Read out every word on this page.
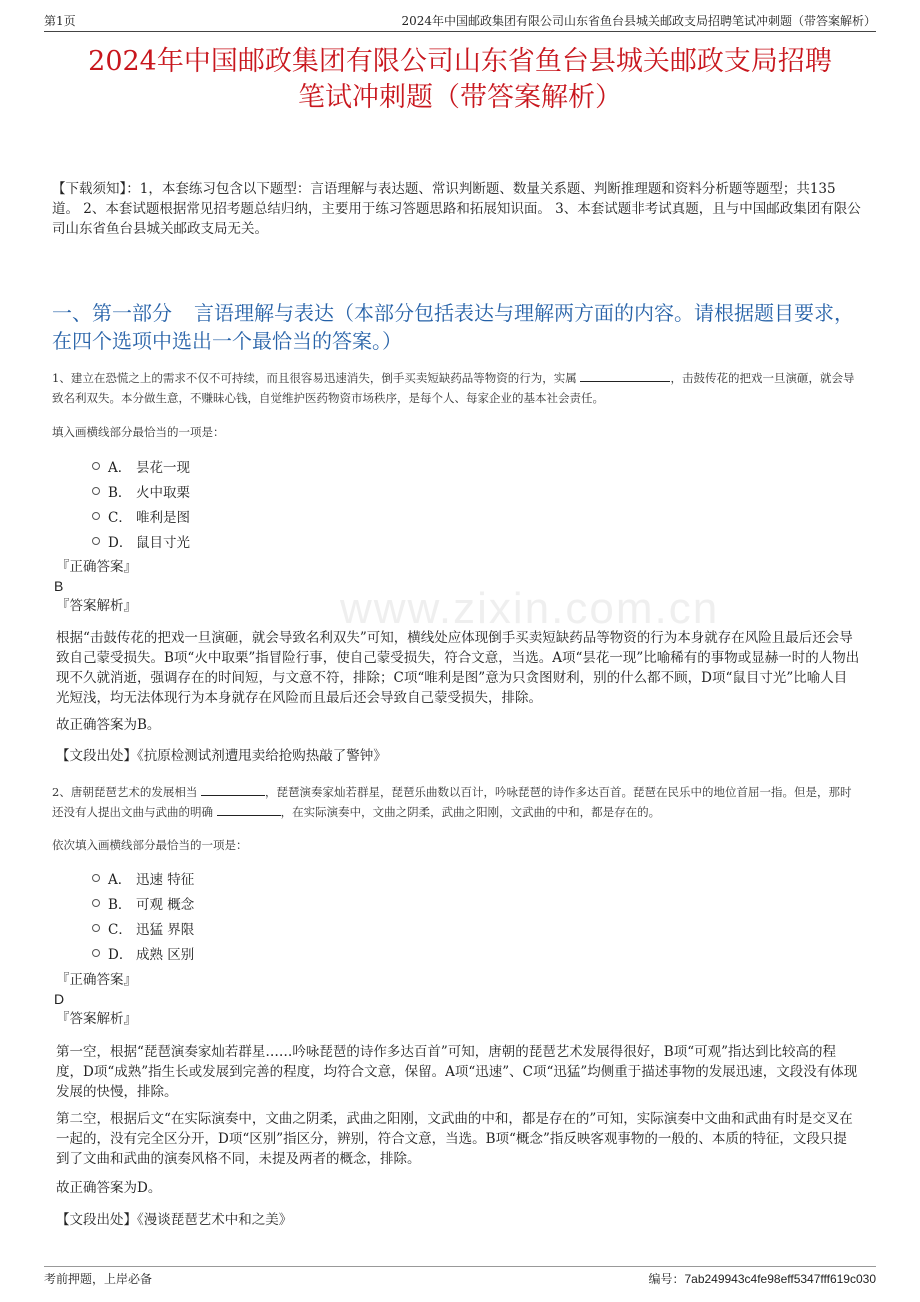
第1页	2024年中国邮政集团有限公司山东省鱼台县城关邮政支局招聘笔试冲刺题（带答案解析）
2024年中国邮政集团有限公司山东省鱼台县城关邮政支局招聘
笔试冲刺题（带答案解析）
【下载须知】：1，本套练习包含以下题型：言语理解与表达题、常识判断题、数量关系题、判断推理题和资料分析题等题型；共135道。 2、本套试题根据常见招考题总结归纳，主要用于练习答题思路和拓展知识面。 3、本套试题非考试真题，且与中国邮政集团有限公司山东省鱼台县城关邮政支局无关。
一、第一部分 言语理解与表达（本部分包括表达与理解两方面的内容。请根据题目要求，在四个选项中选出一个最恰当的答案。）
www.zixin.com.cn
1、建立在恐慌之上的需求不仅不可持续，而且很容易迅速消失，倒手买卖短缺药品等物资的行为，实属	，击鼓传花的把戏一旦演砸，就会导致名利双失。本分做生意，不赚昧心钱，自觉维护医药物资市场秩序，是每个人、每家企业的基本社会责任。
填入画横线部分最恰当的一项是：
A． 昙花一现
B． 火中取栗
C． 唯利是图
D． 鼠目寸光
『正确答案』
B
『答案解析』
根据“击鼓传花的把戏一旦演砸，就会导致名利双失”可知，横线处应体现倒手买卖短缺药品等物资的行为本身就存在风险且最后还会导致自己蒙受损失。B项“火中取栗”指冒险行事，使自己蒙受损失，符合文意，当选。A项“昙花一现”比喻稀有的事物或显赫一时的人物出现不久就消逝，强调存在的时间短，与文意不符，排除；C项“唯利是图”意为只贪图财利，别的什么都不顾，D项“鼠目寸光”比喻人目光短浅，均无法体现行为本身就存在风险而且最后还会导致自己蒙受损失，排除。
故正确答案为B。
【文段出处】《抗原检测试剂遭甩卖给抢购热敲了警钟》
2、唐朝琵琶艺术的发展相当	，琵琶演奏家灿若群星，琵琶乐曲数以百计，吟咏琵琶的诗作多达百首。琵琶在民乐中的地位首屈一指。但是，那时还没有人提出文曲与武曲的明确	，在实际演奏中，文曲之阴柔，武曲之阳刚，文武曲的中和，都是存在的。
依次填入画横线部分最恰当的一项是：
A． 迅速 特征
B． 可观 概念
C． 迅猛 界限
D． 成熟 区别
『正确答案』
D
『答案解析』
第一空，根据“琵琶演奏家灿若群星……吟咏琵琶的诗作多达百首”可知，唐朝的琵琶艺术发展得很好，B项“可观”指达到比较高的程度，D项“成熟”指生长或发展到完善的程度，均符合文意，保留。A项“迅速”、C项“迅猛”均侧重于描述事物的发展迅速，文段没有体现发展的快慢，排除。
第二空，根据后文“在实际演奏中，文曲之阴柔，武曲之阳刚，文武曲的中和，都是存在的”可知，实际演奏中文曲和武曲有时是交叉在一起的，没有完全区分开，D项“区别”指区分，辨别，符合文意，当选。B项“概念”指反映客观事物的一般的、本质的特征，文段只提到了文曲和武曲的演奏风格不同，未提及两者的概念，排除。
故正确答案为D。
【文段出处】《漫谈琵琶艺术中和之美》
考前押题，上岸必备	编号：7ab249943c4fe98eff5347fff619c030
